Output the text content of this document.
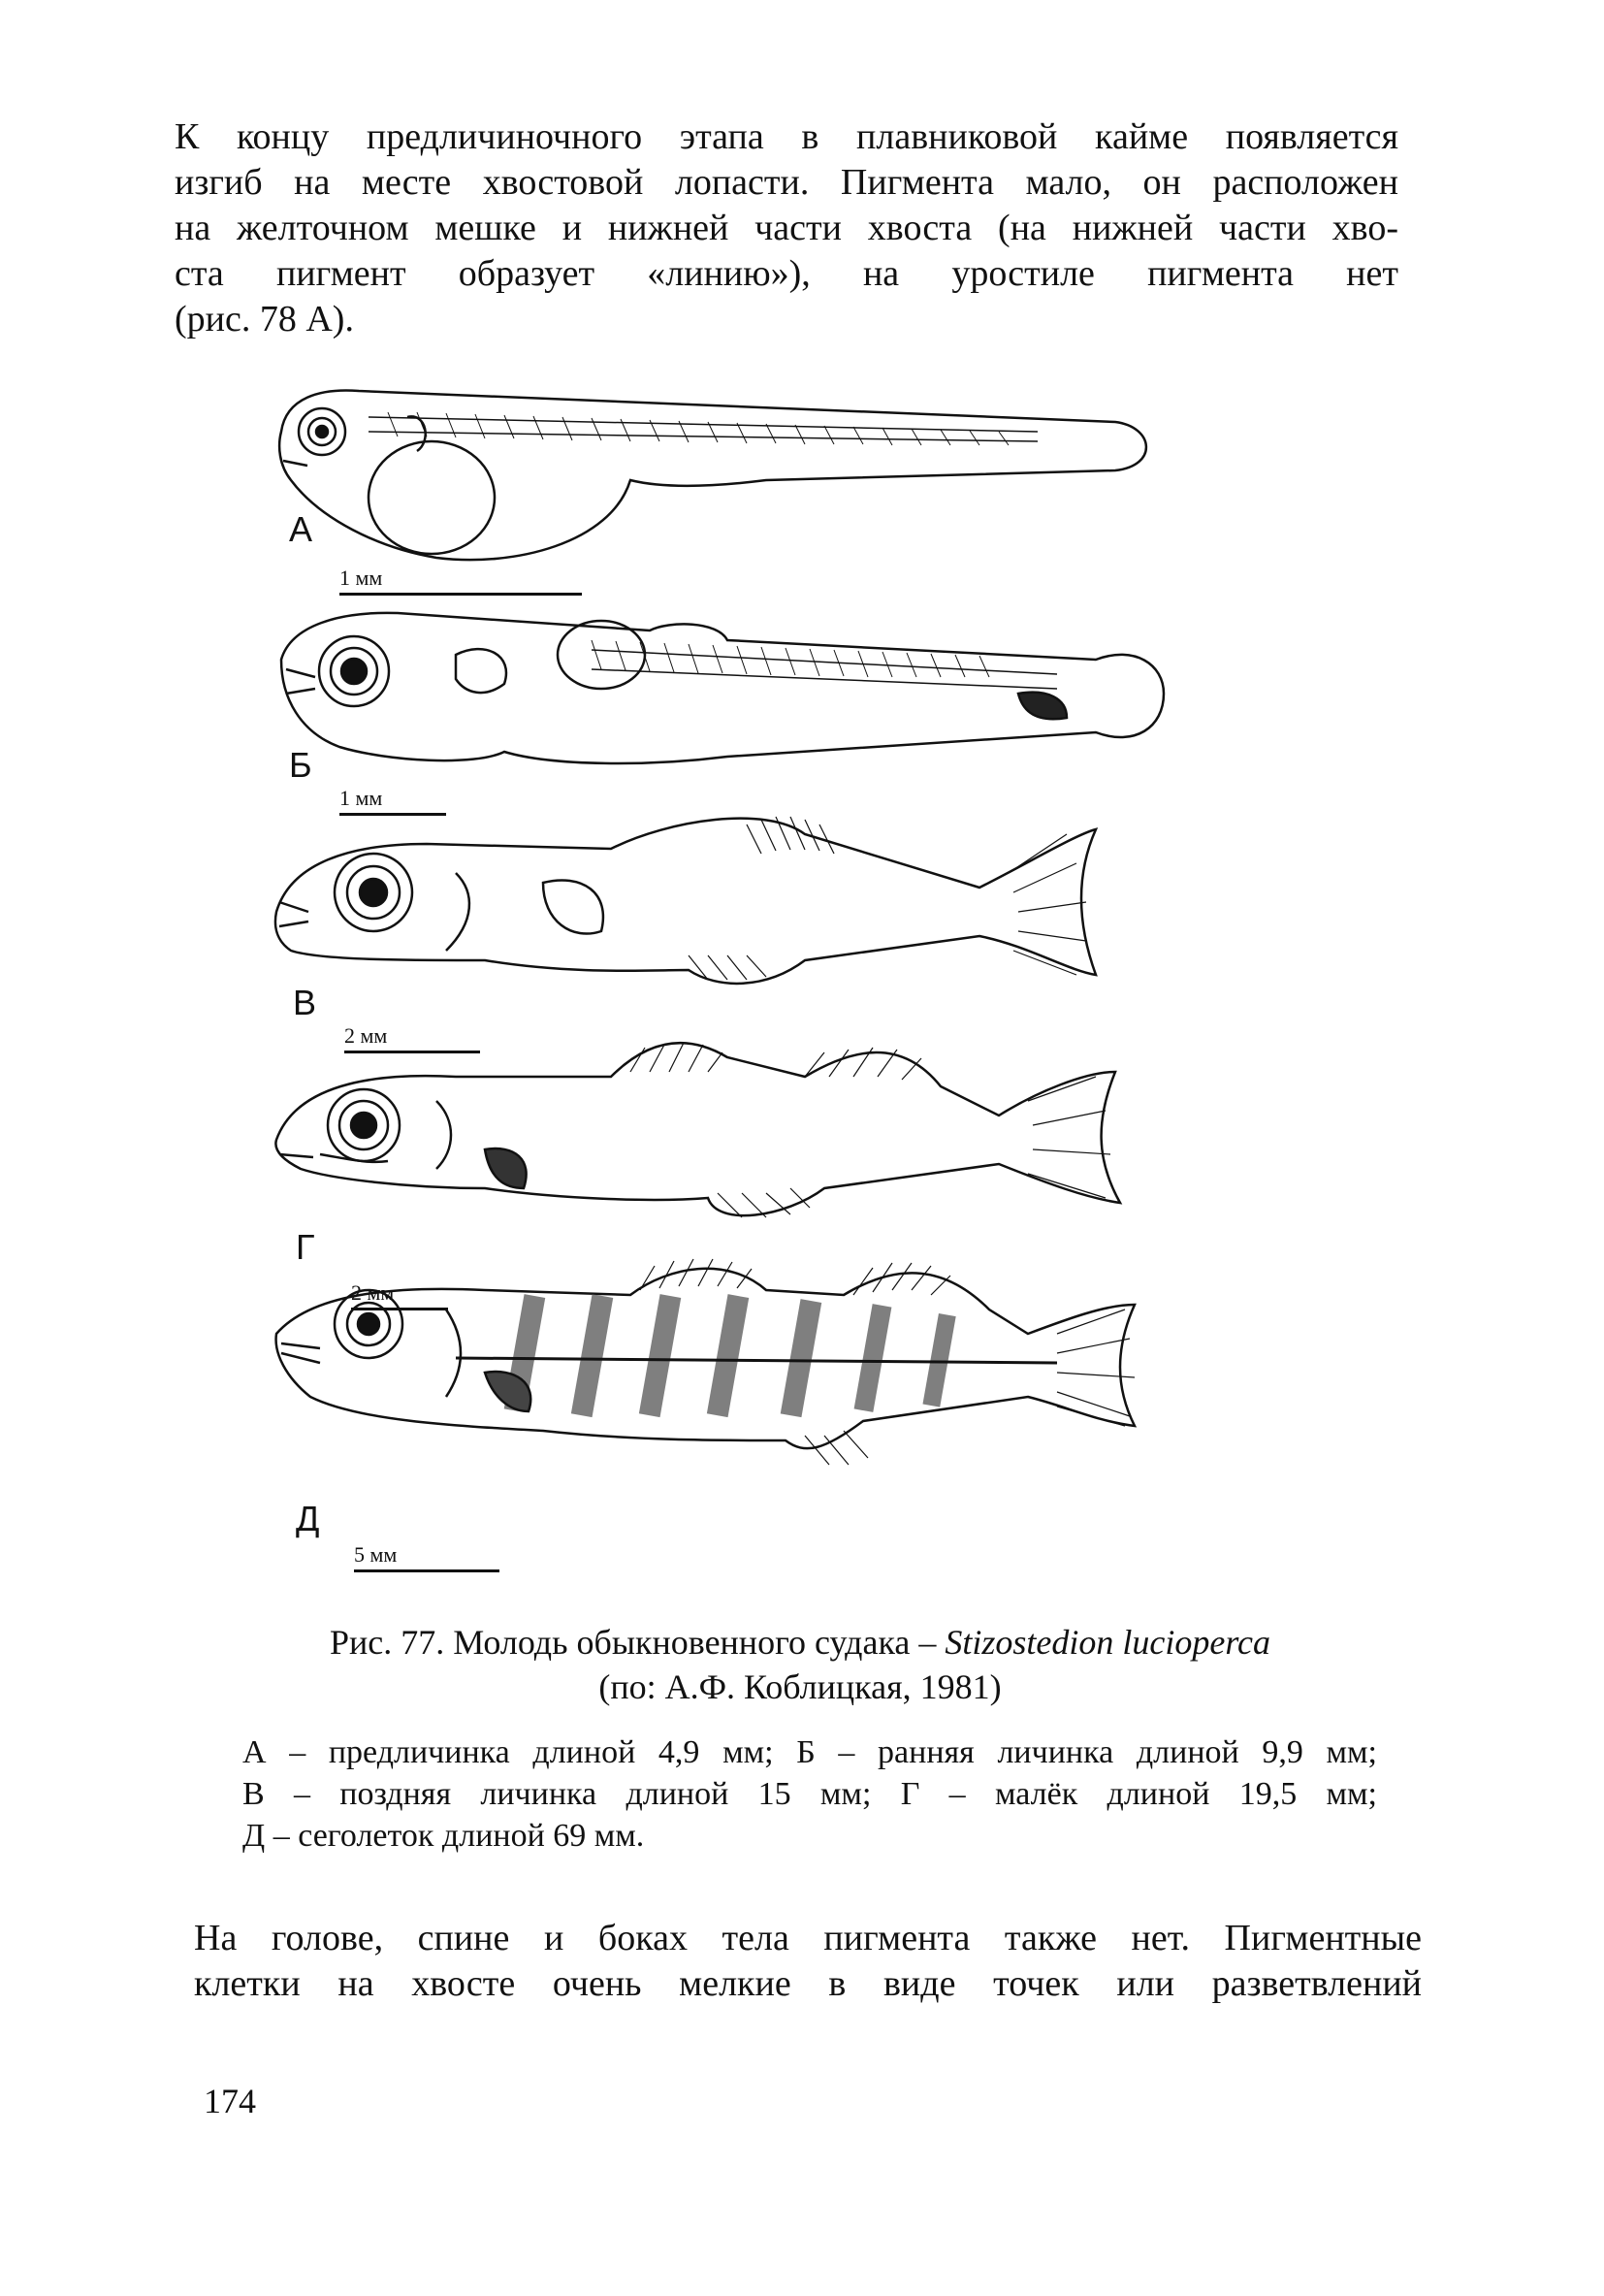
К концу предличиночного этапа в плавниковой кайме появляется
изгиб на месте хвостовой лопасти. Пигмента мало, он расположен
на желточном мешке и нижней части хвоста (на нижней части хво-
ста пигмент образует «линию»), на уростиле пигмента нет
(рис. 78 А).
А
Б
В
Г
Д
1 мм
1 мм
2 мм
2 мм
5 мм
Рис. 77. Молодь обыкновенного судака – Stizostedion lucioperca
(по: А.Ф. Коблицкая, 1981)
А – предличинка длиной 4,9 мм; Б – ранняя личинка длиной 9,9 мм;
В – поздняя личинка длиной 15 мм; Г – малёк длиной 19,5 мм;
Д – сеголеток длиной 69 мм.
На голове, спине и боках тела пигмента также нет. Пигментные
клетки на хвосте очень мелкие в виде точек или разветвлений
174
